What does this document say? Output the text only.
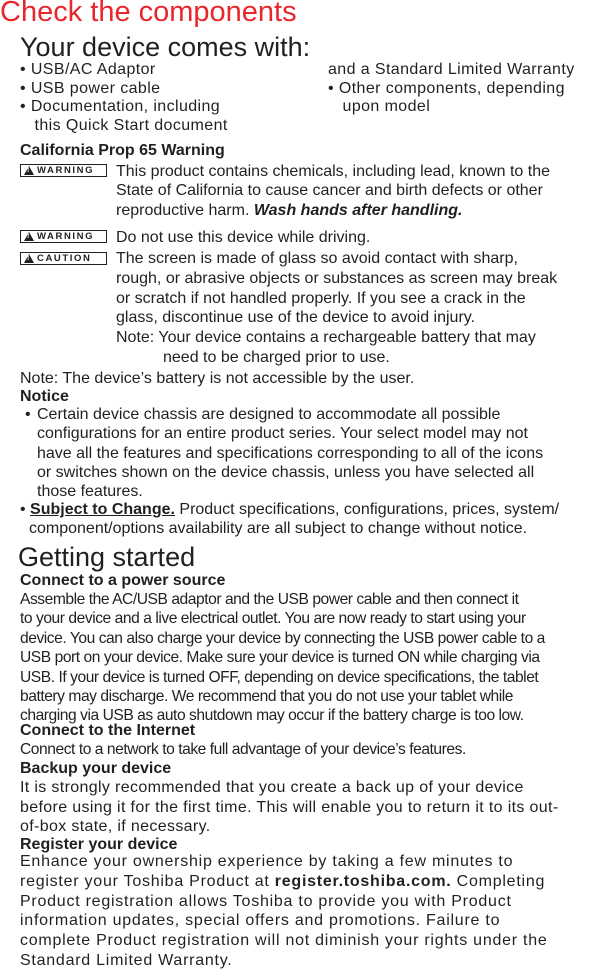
Check the components
Your device comes with:
• USB/AC Adaptor
• USB power cable
• Documentation, including
this Quick Start document
and a Standard Limited Warranty
• Other components, depending
upon model
California Prop 65 Warning
! WARNING This product contains chemicals, including lead, known to the
State of California to cause cancer and birth defects or other
reproductive harm. Wash hands after handling.
! WARNING Do not use this device while driving.
! CAUTION The screen is made of glass so avoid contact with sharp,
rough, or abrasive objects or substances as screen may break
or scratch if not handled properly. If you see a crack in the
glass, discontinue use of the device to avoid injury.
Note: Your device contains a rechargeable battery that may
need to be charged prior to use.
Note: The device’s battery is not accessible by the user.
Notice
• Certain device chassis are designed to accommodate all possible
configurations for an entire product series. Your select model may not
have all the features and specifications corresponding to all of the icons
or switches shown on the device chassis, unless you have selected all
those features.
• Subject to Change. Product specifications, configurations, prices, system/
component/options availability are all subject to change without notice.
Getting started
Connect to a power source
Assemble the AC/USB adaptor and the USB power cable and then connect it
to your device and a live electrical outlet. You are now ready to start using your
device. You can also charge your device by connecting the USB power cable to a
USB port on your device. Make sure your device is turned ON while charging via
USB. If your device is turned OFF, depending on device specifications, the tablet
battery may discharge. We recommend that you do not use your tablet while
charging via USB as auto shutdown may occur if the battery charge is too low.
Connect to the Internet
Connect to a network to take full advantage of your device’s features.
Backup your device
It is strongly recommended that you create a back up of your device
before using it for the first time. This will enable you to return it to its out-
of-box state, if necessary.
Register your device
Enhance your ownership experience by taking a few minutes to
register your Toshiba Product at register.toshiba.com. Completing
Product registration allows Toshiba to provide you with Product
information updates, special offers and promotions. Failure to
complete Product registration will not diminish your rights under the
Standard Limited Warranty.
